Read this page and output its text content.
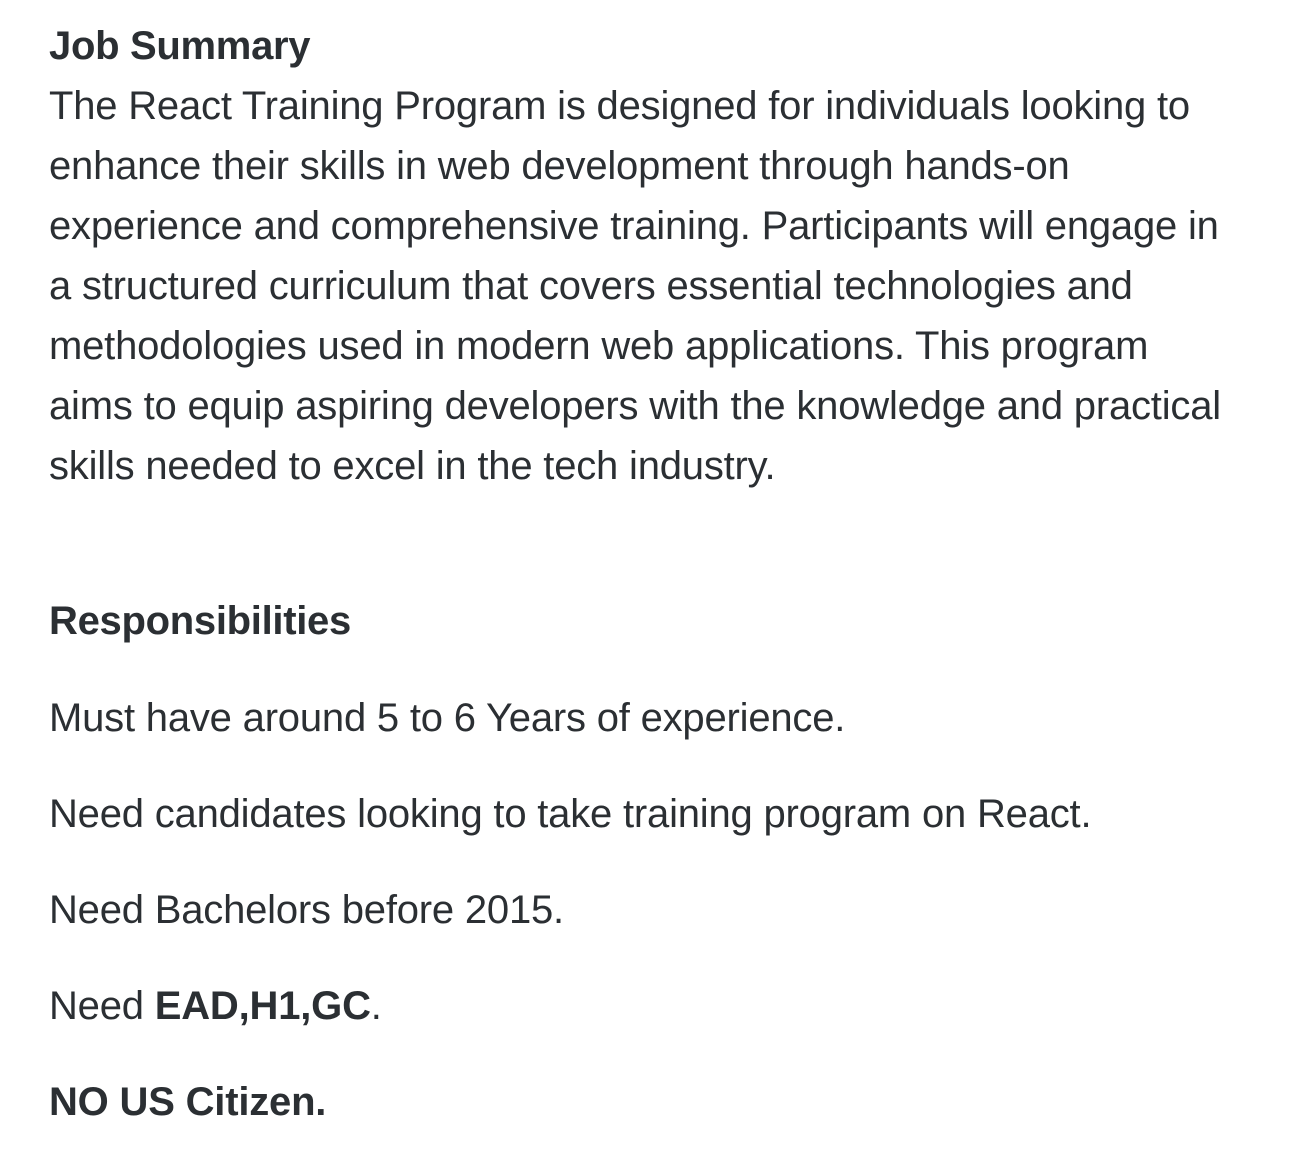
Job Summary

The React Training Program is designed for individuals looking to enhance their skills in web development through hands-on experience and comprehensive training. Participants will engage in a structured curriculum that covers essential technologies and methodologies used in modern web applications. This program aims to equip aspiring developers with the knowledge and practical skills needed to excel in the tech industry.

Responsibilities

Must have around 5 to 6 Years of experience.

Need candidates looking to take training program on React.

Need Bachelors before 2015.

Need EAD,H1,GC.

NO US Citizen.
